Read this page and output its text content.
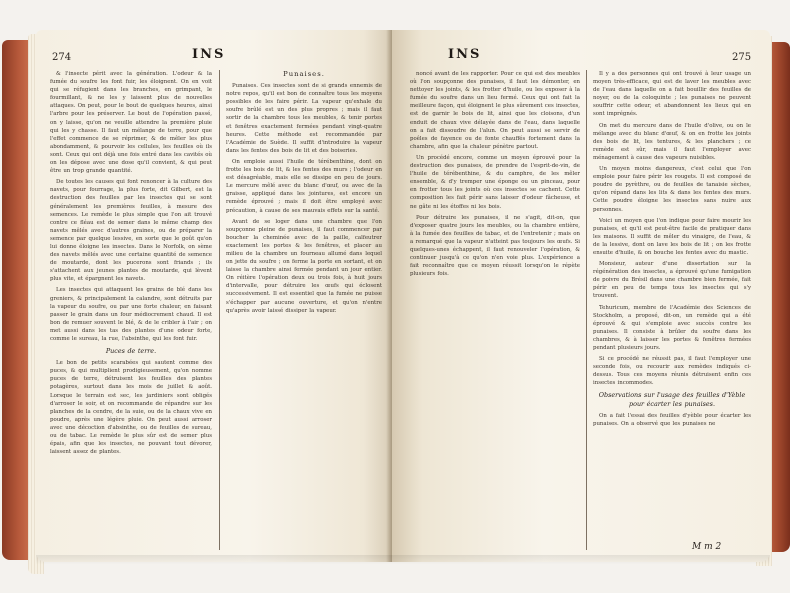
274	INS

& l'insecte périt avec la génération. L'odeur & la fumée du soufre les font fuir, les éloignent. On en voit qui se réfugient dans les branches, en grimpant, le fourmillant, & ne les y laissent plus de nouvelles attaques. On peut, pour le bout de quelques heures, ainsi l'arbre pour les préserver. Le bout de l'opération passé, on y laisse, qu'on ne veuille attendre la première pluie qui les y chasse. Il faut un mélange de terre, pour que l'effet commence de se réprimer, & de mêler les plus abondamment, & pourvoir les cellules, les feuilles où ils sont. Ceux qui ont déjà une fois entré dans les cavités où on les dépose avec une dose qu'il convient, & qui peut être un trop grande quantité.

De toutes les causes qui font renoncer à la culture des navets, pour fourrage, la plus forte, dit Gilbert, est la destruction des feuilles par les insectes qui se sont généralement les premières feuilles, à mesure des semences. Le remède le plus simple que l'on ait trouvé contre ce fléau est de semer dans le même champ des navets mêlés avec d'autres graines, ou de préparer la semence par quelque lessive, en sorte que le goût qu'on lui donne éloigne les insectes. Dans le Norfolk, on sème des navets mêlés avec une certaine quantité de semence de moutarde, dont les pucerons sont friands ; ils s'attachent aux jeunes plantes de moutarde, qui lèvent plus vite, et épargnent les navets.

Les insectes qui attaquent les grains de blé dans les greniers, & principalement la calandre, sont détruits par la vapeur du soufre, ou par une forte chaleur, en faisant passer le grain dans un four médiocrement chaud. Il est bon de remuer souvent le blé, & de le cribler à l'air ; on met aussi dans les tas des plantes d'une odeur forte, comme le sureau, la rue, l'absinthe, qui les font fuir.

Puces de terre.

Le bon de petits scarabées qui sautent comme des puces, & qui multiplient prodigieusement, qu'on nomme puces de terre, détruisent les feuilles des plantes potagères, surtout dans les mois de juillet & août. Lorsque le terrain est sec, les jardiniers sont obligés d'arroser le soir, et on recommande de répandre sur les planches de la cendre, de la suie, ou de la chaux vive en poudre, après une légère pluie. On peut aussi arroser avec une décoction d'absinthe, ou de feuilles de sureau, ou de tabac. Le remède le plus sûr est de semer plus épais, afin que les insectes, ne pouvant tout dévorer, laissent assez de plantes.

Punaises.

Punaises. Ces insectes sont de si grands ennemis de notre repos, qu'il est bon de connaître tous les moyens possibles de les faire périr. La vapeur qu'exhale du soufre brûlé est un des plus propres ; mais il faut sortir de la chambre tous les meubles, & tenir portes et fenêtres exactement fermées pendant vingt-quatre heures. Cette méthode est recommandée par l'Académie de Suède. Il suffit d'introduire la vapeur dans les fentes des bois de lit et des boiseries.

On emploie aussi l'huile de térébenthine, dont on frotte les bois de lit, & les fentes des murs ; l'odeur en est désagréable, mais elle se dissipe en peu de jours. Le mercure mêlé avec du blanc d'œuf, ou avec de la graisse, appliqué dans les jointures, est encore un remède éprouvé ; mais il doit être employé avec précaution, à cause de ses mauvais effets sur la santé.

Avant de se loger dans une chambre que l'on soupçonne pleine de punaises, il faut commencer par boucher la cheminée avec de la paille, calfeutrer exactement les portes & les fenêtres, et placer au milieu de la chambre un fourneau allumé dans lequel on jette du soufre ; on ferme la porte en sortant, et on laisse la chambre ainsi fermée pendant un jour entier. On réitère l'opération deux ou trois fois, à huit jours d'intervalle, pour détruire les œufs qui éclosent successivement. Il est essentiel que la fumée ne puisse s'échapper par aucune ouverture, et qu'on n'entre qu'après avoir laissé dissiper la vapeur.

INS	275

noncé avant de les rapporter. Pour ce qui est des meubles où l'on soupçonne des punaises, il faut les démonter, en nettoyer les joints, & les frotter d'huile, ou les exposer à la fumée du soufre dans un lieu fermé. Ceux qui ont fait la meilleure façon, qui éloignent le plus sûrement ces insectes, est de garnir le bois de lit, ainsi que les cloisons, d'un enduit de chaux vive délayée dans de l'eau, dans laquelle on a fait dissoudre de l'alun. On peut aussi se servir de poêles de fayence ou de fonte chauffés fortement dans la chambre, afin que la chaleur pénètre partout.

Un procédé encore, comme un moyen éprouvé pour la destruction des punaises, de prendre de l'esprit-de-vin, de l'huile de térébenthine, & du camphre, de les mêler ensemble, & d'y tremper une éponge ou un pinceau, pour en frotter tous les joints où ces insectes se cachent. Cette composition les fait périr sans laisser d'odeur fâcheuse, et ne gâte ni les étoffes ni les bois.

Pour détruire les punaises, il ne s'agit, dit-on, que d'exposer quatre jours les meubles, ou la chambre entière, à la fumée des feuilles de tabac, et de l'entretenir ; mais on a remarqué que la vapeur n'atteint pas toujours les œufs. Si quelques-unes échappent, il faut renouveler l'opération, & continuer jusqu'à ce qu'on n'en voie plus. L'expérience a fait reconnaître que ce moyen réussit lorsqu'on le répète plusieurs fois.

Il y a des personnes qui ont trouvé à leur usage un moyen très-efficace, qui est de laver les meubles avec de l'eau dans laquelle on a fait bouillir des feuilles de noyer, ou de la coloquinte ; les punaises ne peuvent souffrir cette odeur, et abandonnent les lieux qui en sont imprégnés.

On met du mercure dans de l'huile d'olive, ou on le mélange avec du blanc d'œuf, & on en frotte les joints des bois de lit, les tentures, & les planchers ; ce remède est sûr, mais il faut l'employer avec ménagement à cause des vapeurs nuisibles.

Un moyen moins dangereux, c'est celui que l'on emploie pour faire périr les rougets. Il est composé de poudre de pyrèthre, ou de feuilles de tanaisie sèches, qu'on répand dans les lits & dans les fentes des murs. Cette poudre éloigne les insectes sans nuire aux personnes.

Voici un moyen que l'on indique pour faire mourir les punaises, et qu'il est peut-être facile de pratiquer dans les maisons. Il suffit de mêler du vinaigre, de l'eau, & de la lessive, dont on lave les bois de lit ; on les frotte ensuite d'huile, & on bouche les fentes avec du mastic.

Monsieur, auteur d'une dissertation sur la régénération des insectes, a éprouvé qu'une fumigation de poivre du Brésil dans une chambre bien fermée, fait périr en peu de temps tous les insectes qui s'y trouvent.

Tehuricum, membre de l'Académie des Sciences de Stockholm, a proposé, dit-on, un remède qui a été éprouvé & qui s'emploie avec succès contre les punaises. Il consiste à brûler du soufre dans les chambres, & à laisser les portes & fenêtres fermées pendant plusieurs jours.

Si ce procédé ne réussit pas, il faut l'employer une seconde fois, ou recourir aux remèdes indiqués ci-dessus. Tous ces moyens réunis détruisent enfin ces insectes incommodes.

Observations sur l'usage des feuilles d'Yèble pour écarter les punaises.

On a fait l'essai des feuilles d'yèble pour écarter les punaises. On a observé que les punaises ne

M m 2
